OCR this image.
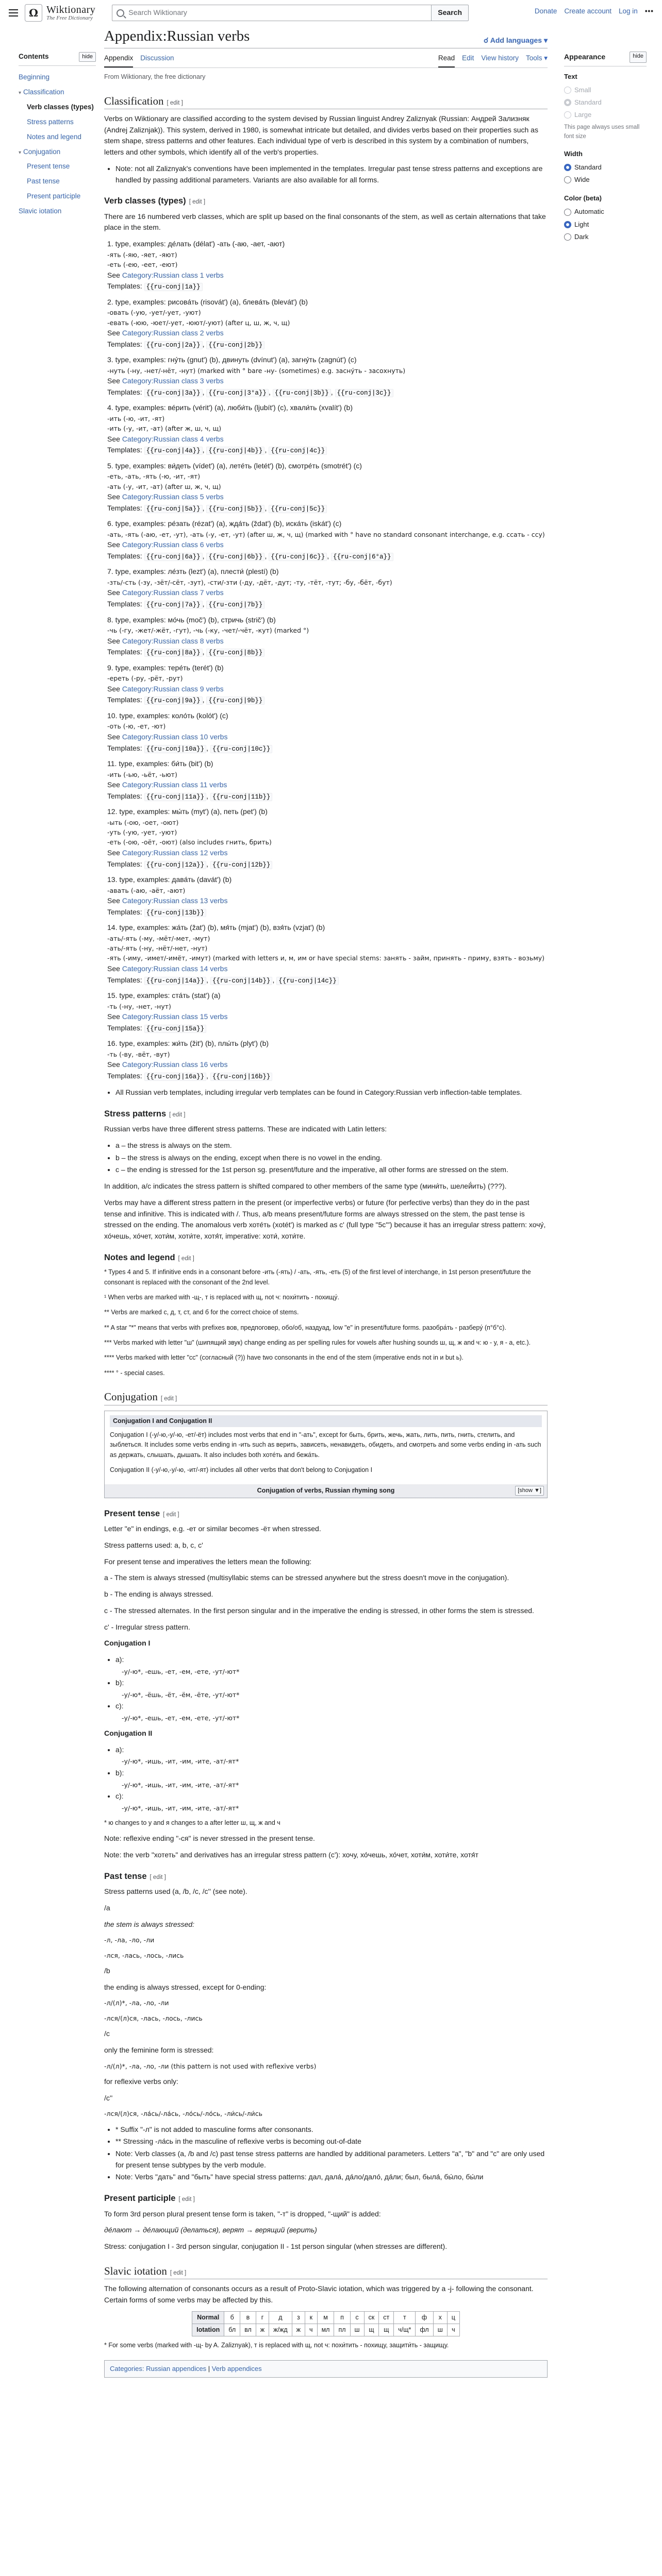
Ω Wiktionary
The Free Dictionary
Search Wiktionary	Search	Donate Create account Log in •••
Contents	hide
Beginning
▾ Classification
Verb classes (types)
Stress patterns
Notes and legend
▾ Conjugation
Present tense
Past tense
Present participle
Slavic iotation
Appearance	hide
Text
Small
Standard
Large
This page always uses small font size
Width
Standard
Wide
Color (beta)
Automatic
Light
Dark
Appendix:Russian verbs	☌ Add languages ▾
Appendix Discussion	Read Edit View history Tools ▾
From Wiktionary, the free dictionary
Classification [ edit ]

Verbs on Wiktionary are classified according to the system devised by Russian linguist Andrey Zaliznyak (Russian: Андрей Зализняк (Andrej Zaliznjak)). This system, derived in 1980, is somewhat intricate but detailed, and divides verbs based on their properties such as stem shape, stress patterns and other features. Each individual type of verb is described in this system by a combination of numbers, letters and other symbols, which identify all of the verb's properties.

• Note: not all Zaliznyak's conventions have been implemented in the templates. Irregular past tense stress patterns and exceptions are handled by passing additional parameters. Variants are also available for all forms.
Verb classes (types) [ edit ]

There are 16 numbered verb classes, which are split up based on the final consonants of the stem, as well as certain alternations that take place in the stem.

1. type, examples: де́лать (délat') -ать (-аю, -ает, -ают)
-ять (-яю, -яет, -яют)
-еть (-ею, -еет, -еют)
See Category:Russian class 1 verbs
Templates: {{ru-conj|1a}}
2. type, examples: рисова́ть (risovát') (a), блева́ть (blevát') (b)
-овать (-ую, -ует/-ует, -уют)
-евать (-юю, -юет/-ует, -юют/-уют) (after ц, ш, ж, ч, щ)
See Category:Russian class 2 verbs
Templates: {{ru-conj|2a}} , {{ru-conj|2b}}
3. type, examples: гну́ть (gnut') (b), двинуть (dvínut') (a), загну́ть (zagnút') (c)
-нуть (-ну, -нет/-нёт, -нут) (marked with ° bare -ну- (sometimes) e.g. засну́ть - засохнуть)
See Category:Russian class 3 verbs
Templates: {{ru-conj|3a}} , {{ru-conj|3°a}} , {{ru-conj|3b}} , {{ru-conj|3c}}
4. type, examples: ве́рить (vérit') (a), люби́ть (ljubít') (c), хвали́ть (xvalít') (b)
-ить (-ю, -ит, -ят)
-ить (-у, -ит, -ат) (after ж, ш, ч, щ)
See Category:Russian class 4 verbs
Templates: {{ru-conj|4a}} , {{ru-conj|4b}} , {{ru-conj|4c}}
5. type, examples: ви́деть (vídet') (a), лете́ть (letét') (b), смотре́ть (smotrét') (c)
-еть, -ать, -ять (-ю, -ит, -ят)
-ать (-у, -ит, -ат) (after ш, ж, ч, щ)
See Category:Russian class 5 verbs
Templates: {{ru-conj|5a}} , {{ru-conj|5b}} , {{ru-conj|5c}}
6. type, examples: ре́зать (rézat') (a), жда́ть (ždat') (b), иска́ть (iskát') (c)
-ать, -ять (-аю, -ет, -ут), -ать (-у, -ет, -ут) (after ш, ж, ч, щ) (marked with ° have no standard consonant interchange, e.g. ссать - ссу)
See Category:Russian class 6 verbs
Templates: {{ru-conj|6a}} , {{ru-conj|6b}} , {{ru-conj|6c}} , {{ru-conj|6°a}}
7. type, examples: ле́зть (lezt') (a), плести́ (plestí) (b)
-зть/-сть (-зу, -зёт/-сёт, -зут), -сти/-зти (-ду, -дёт, -дут; -ту, -тёт, -тут; -бу, -бёт, -бут)
See Category:Russian class 7 verbs
Templates: {{ru-conj|7a}} , {{ru-conj|7b}}
8. type, examples: мо́чь (moč') (b), стричь (stričʹ) (b)
-чь (-гу, -жет/-жёт, -гут), -чь (-ку, -чет/-чёт, -кут) (marked °)
See Category:Russian class 8 verbs
Templates: {{ru-conj|8a}} , {{ru-conj|8b}}
9. type, examples: тере́ть (terét') (b)
-ереть (-ру, -рёт, -рут)
See Category:Russian class 9 verbs
Templates: {{ru-conj|9a}} , {{ru-conj|9b}}
10. type, examples: коло́ть (kolót') (c)
-оть (-ю, -ет, -ют)
See Category:Russian class 10 verbs
Templates: {{ru-conj|10a}} , {{ru-conj|10c}}
11. type, examples: би́ть (bit') (b)
-ить (-ью, -ьёт, -ьют)
See Category:Russian class 11 verbs
Templates: {{ru-conj|11a}} , {{ru-conj|11b}}
12. type, examples: мы́ть (myt') (a), петь (pet') (b)
-ыть (-ою, -оет, -оют)
-уть (-ую, -ует, -уют)
-еть (-ою, -оёт, -оют) (also includes гнить, брить)
See Category:Russian class 12 verbs
Templates: {{ru-conj|12a}} , {{ru-conj|12b}}
13. type, examples: дава́ть (davát') (b)
-авать (-аю, -аёт, -ают)
See Category:Russian class 13 verbs
Templates: {{ru-conj|13b}}
14. type, examples: жа́ть (žat') (b), мя́ть (mjat') (b), взя́ть (vzjat') (b)
-ать/-ять (-му, -мёт/-мет, -мут)
-ать/-ять (-ну, -нёт/-нет, -нут)
-ять (-иму, -имет/-имёт, -имут) (marked with letters и, м, им or have special stems: занять - займ, принять - приму, взять - возьму)
See Category:Russian class 14 verbs
Templates: {{ru-conj|14a}} , {{ru-conj|14b}} , {{ru-conj|14c}}
15. type, examples: ста́ть (stat') (a)
-ть (-ну, -нет, -нут)
See Category:Russian class 15 verbs
Templates: {{ru-conj|15a}}
16. type, examples: жи́ть (žit') (b), плы́ть (plyt') (b)
-ть (-ву, -вёт, -вут)
See Category:Russian class 16 verbs
Templates: {{ru-conj|16a}} , {{ru-conj|16b}}
• All Russian verb templates, including irregular verb templates can be found in Category:Russian verb inflection-table templates.
Stress patterns [ edit ]

Russian verbs have three different stress patterns. These are indicated with Latin letters:

• a – the stress is always on the stem.
• b – the stress is always on the ending, except when there is no vowel in the ending.
• c – the ending is stressed for the 1st person sg. present/future and the imperative, all other forms are stressed on the stem.

In addition, a/c indicates the stress pattern is shifted compared to other members of the same type (мини́ть, шелей́ить) (???).

Verbs may have a different stress pattern in the present (or imperfective verbs) or future (for perfective verbs) than they do in the past tense and infinitive. This is indicated with /. Thus, a/b means present/future forms are always stressed on the stem, the past tense is stressed on the ending. The anomalous verb хоте́ть (xotét') is marked as c' (full type "5c'") because it has an irregular stress pattern: хочу́, хо́чешь, хо́чет, хоти́м, хоти́те, хотя́т, imperative: хоти́, хоти́те.

Notes and legend [ edit ]

* Types 4 and 5. If infinitive ends in a consonant before -ить (-ять) / -ать, -ять, -еть (5) of the first level of interchange, in 1st person present/future the consonant is replaced with the consonant of the 2nd level.

¹ When verbs are marked with -щ-, т is replaced with щ, not ч: похи́тить - похищу́.

** Verbs are marked с, д, т, ст, and б for the correct choice of stems.

** A star "*" means that verbs with prefixes вов, предпоговер, обо/об, наздуад, low "е" in present/future forms. разобра́ть - разберу́ (п°б°с).

*** Verbs marked with letter "ш" (шипящий звук) change ending as per spelling rules for vowels after hushing sounds ш, щ, ж and ч: ю - у, я - а, etc.).

**** Verbs marked with letter "сс" (согласный (?)) have two consonants in the end of the stem (imperative ends not in и but ь).

**** ° - special cases.

Conjugation [ edit ]
Conjugation I and Conjugation II

Conjugation I (-у/-ю,-у/-ю, -ет/-ёт) includes most verbs that end in "-ать", except for быть, брить, жечь, жать, лить, пить, гнить, стелить, and зыблеться. It includes some verbs ending in -ить such as верить, зависеть, ненавидеть, обидеть, and смотреть and some verbs ending in -ать such as держать, слышать, дышать. It also includes both хоте́ть and бежа́ть.

Conjugation II (-у/-ю,-у/-ю, -ит/-ят) includes all other verbs that don't belong to Conjugation I

Conjugation of verbs, Russian rhyming song	[show ▼]
Present tense [ edit ]

Letter "е" in endings, e.g. -ет or similar becomes -ёт when stressed.

Stress patterns used: a, b, c, c'

For present tense and imperatives the letters mean the following:

a - The stem is always stressed (multisyllabic stems can be stressed anywhere but the stress doesn't move in the conjugation).

b - The ending is always stressed.

c - The stressed alternates. In the first person singular and in the imperative the ending is stressed, in other forms the stem is stressed.

c' - Irregular stress pattern.

Conjugation I

• a):
-у/-ю*, -ешь, -ет, -ем, -ете, -ут/-ют*
• b):
-у/-ю*, -ёшь, -ёт, -ём, -ёте, -ут/-ют*
• c):
-у/-ю*, -ешь, -ет, -ем, -ете, -ут/-ют*

Conjugation II

• a):
-у/-ю*, -ишь, -ит, -им, -ите, -ат/-ят*
• b):
-у/-ю*, -ишь, -ит, -им, -ите, -ат/-ят*
• c):
-у/-ю*, -ишь, -ит, -им, -ите, -ат/-ят*

* ю changes to у and я changes to а after letter ш, щ, ж and ч

Note: reflexive ending "-ся" is never stressed in the present tense.

Note: the verb "хотеть" and derivatives has an irregular stress pattern (c'): хочу, хо́чешь, хо́чет, хоти́м, хоти́те, хотя́т

Past tense [ edit ]

Stress patterns used (a, /b, /c, /c'' (see note).

/a

the stem is always stressed:

-л, -ла, -ло, -ли

-лся, -лась, -лось, -лись

/b

the ending is always stressed, except for 0-ending:

-л/(л)*, -ла, -ло, -ли

-лся/(л)ся, -лась, -лось, -лись

/c

only the feminine form is stressed:

-л/(л)*, -ла, -ло, -ли (this pattern is not used with reflexive verbs)

for reflexive verbs only:

/c''

-лся/(л)ся, -ла́сь/-ла́сь, -ло́сь/-ло́сь, -ли́сь/-ли́сь

• * Suffix "-л" is not added to masculine forms after consonants.
• ** Stressing -ла́сь in the masculine of reflexive verbs is becoming out-of-date
• Note: Verb classes (a, /b and /c) past tense stress patterns are handled by additional parameters. Letters "a", "b" and "c" are only used for present tense subtypes by the verb module.
• Note: Verbs "дать" and "быть" have special stress patterns: дал, дала́, да́ло/дало́, да́ли; был, была́, бы́ло, бы́ли
Present participle [ edit ]

To form 3rd person plural present tense form is taken, "-т" is dropped, "-щий" is added:

де́лают → де́лающий (делаться), верят → верящий (верить)

Stress: conjugation I - 3rd person singular, conjugation II - 1st person singular (when stresses are different).

Slavic iotation [ edit ]

The following alternation of consonants occurs as a result of Proto-Slavic iotation, which was triggered by a -j- following the consonant. Certain forms of some verbs may be affected by this.

Normal	б	в	г	д	з	к	м	п	с	ск	ст	т	ф	х	ц
Iotation	бл	вл	ж	ж/жд	ж	ч	мл	пл	ш	щ	щ	ч/щ*	фл	ш	ч

* For some verbs (marked with -щ- by A. Zaliznyak), т is replaced with щ, not ч: похи́тить - похищу, защити́ть - защищу.

Categories: Russian appendices | Verb appendices
